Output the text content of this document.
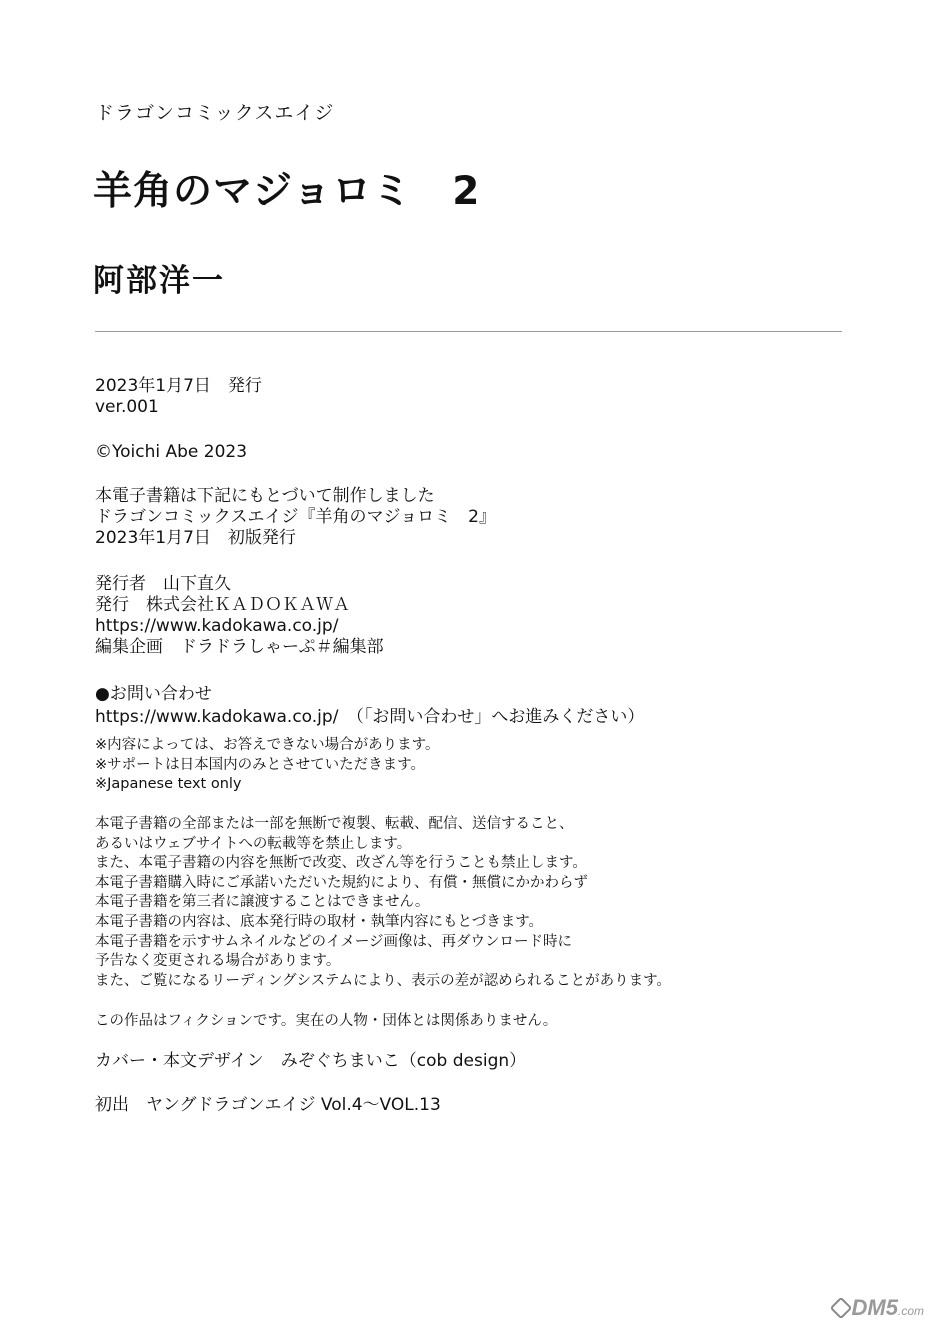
ドラゴンコミックスエイジ
羊角のマジョロミ　2
阿部洋一
2023年1月7日　発行
ver.001
©Yoichi Abe 2023
本電子書籍は下記にもとづいて制作しました
ドラゴンコミックスエイジ『羊角のマジョロミ　2』
2023年1月7日　初版発行
発行者　山下直久
発行　株式会社ＫＡＤＯＫＡＷＡ
https://www.kadokawa.co.jp/
編集企画　ドラドラしゃーぷ＃編集部
●お問い合わせ
https://www.kadokawa.co.jp/　（「お問い合わせ」へお進みください）
※内容によっては、お答えできない場合があります。
※サポートは日本国内のみとさせていただきます。
※Japanese text only
本電子書籍の全部または一部を無断で複製、転載、配信、送信すること、
あるいはウェブサイトへの転載等を禁止します。
また、本電子書籍の内容を無断で改変、改ざん等を行うことも禁止します。
本電子書籍購入時にご承諾いただいた規約により、有償・無償にかかわらず
本電子書籍を第三者に譲渡することはできません。
本電子書籍の内容は、底本発行時の取材・執筆内容にもとづきます。
本電子書籍を示すサムネイルなどのイメージ画像は、再ダウンロード時に
予告なく変更される場合があります。
また、ご覧になるリーディングシステムにより、表示の差が認められることがあります。
この作品はフィクションです。実在の人物・団体とは関係ありません。
カバー・本文デザイン　みぞぐちまいこ（cob design）
初出　ヤングドラゴンエイジ Vol.4～VOL.13
DM5.com
